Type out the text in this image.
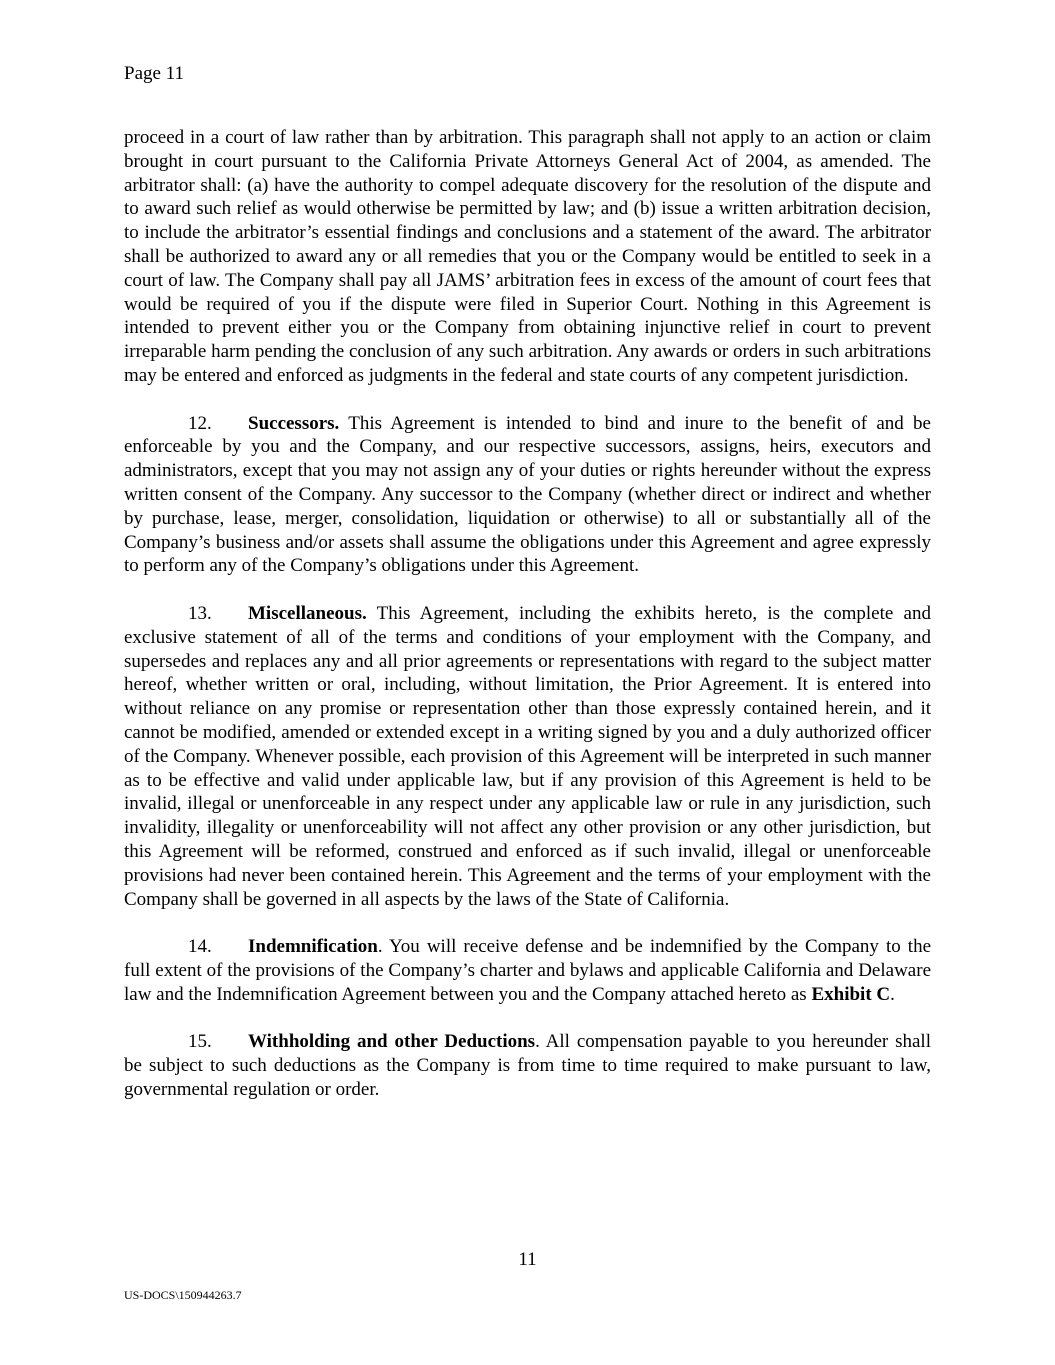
Page 11

proceed in a court of law rather than by arbitration. This paragraph shall not apply to an action or claim brought in court pursuant to the California Private Attorneys General Act of 2004, as amended. The arbitrator shall: (a) have the authority to compel adequate discovery for the resolution of the dispute and to award such relief as would otherwise be permitted by law; and (b) issue a written arbitration decision, to include the arbitrator’s essential findings and conclusions and a statement of the award. The arbitrator shall be authorized to award any or all remedies that you or the Company would be entitled to seek in a court of law. The Company shall pay all JAMS’ arbitration fees in excess of the amount of court fees that would be required of you if the dispute were filed in Superior Court. Nothing in this Agreement is intended to prevent either you or the Company from obtaining injunctive relief in court to prevent irreparable harm pending the conclusion of any such arbitration. Any awards or orders in such arbitrations may be entered and enforced as judgments in the federal and state courts of any competent jurisdiction.

12. Successors. This Agreement is intended to bind and inure to the benefit of and be enforceable by you and the Company, and our respective successors, assigns, heirs, executors and administrators, except that you may not assign any of your duties or rights hereunder without the express written consent of the Company. Any successor to the Company (whether direct or indirect and whether by purchase, lease, merger, consolidation, liquidation or otherwise) to all or substantially all of the Company’s business and/or assets shall assume the obligations under this Agreement and agree expressly to perform any of the Company’s obligations under this Agreement.

13. Miscellaneous. This Agreement, including the exhibits hereto, is the complete and exclusive statement of all of the terms and conditions of your employment with the Company, and supersedes and replaces any and all prior agreements or representations with regard to the subject matter hereof, whether written or oral, including, without limitation, the Prior Agreement. It is entered into without reliance on any promise or representation other than those expressly contained herein, and it cannot be modified, amended or extended except in a writing signed by you and a duly authorized officer of the Company. Whenever possible, each provision of this Agreement will be interpreted in such manner as to be effective and valid under applicable law, but if any provision of this Agreement is held to be invalid, illegal or unenforceable in any respect under any applicable law or rule in any jurisdiction, such invalidity, illegality or unenforceability will not affect any other provision or any other jurisdiction, but this Agreement will be reformed, construed and enforced as if such invalid, illegal or unenforceable provisions had never been contained herein. This Agreement and the terms of your employment with the Company shall be governed in all aspects by the laws of the State of California.

14. Indemnification. You will receive defense and be indemnified by the Company to the full extent of the provisions of the Company’s charter and bylaws and applicable California and Delaware law and the Indemnification Agreement between you and the Company attached hereto as Exhibit C.

15. Withholding and other Deductions. All compensation payable to you hereunder shall be subject to such deductions as the Company is from time to time required to make pursuant to law, governmental regulation or order.

11
US-DOCS\150944263.7
